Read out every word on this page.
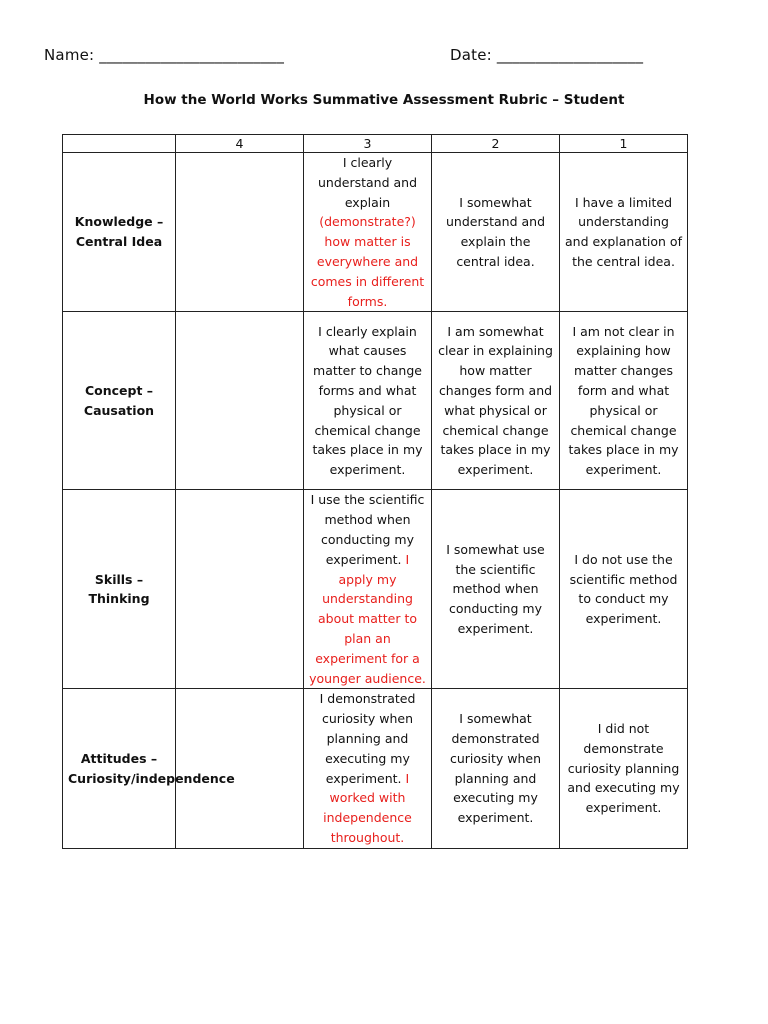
Name: ________________________	Date: ___________________
How the World Works Summative Assessment Rubric – Student
	4	3	2	1
Knowledge – Central Idea		I clearly understand and explain (demonstrate?) how matter is everywhere and comes in different forms.	I somewhat understand and explain the central idea.	I have a limited understanding and explanation of the central idea.
Concept – Causation		I clearly explain what causes matter to change forms and what physical or chemical change takes place in my experiment.	I am somewhat clear in explaining how matter changes form and what physical or chemical change takes place in my experiment.	I am not clear in explaining how matter changes form and what physical or chemical change takes place in my experiment.
Skills – Thinking		I use the scientific method when conducting my experiment. I apply my understanding about matter to plan an experiment for a younger audience.	I somewhat use the scientific method when conducting my experiment.	I do not use the scientific method to conduct my experiment.
Attitudes – Curiosity/independence		I demonstrated curiosity when planning and executing my experiment. I worked with independence throughout.	I somewhat demonstrated curiosity when planning and executing my experiment.	I did not demonstrate curiosity planning and executing my experiment.
